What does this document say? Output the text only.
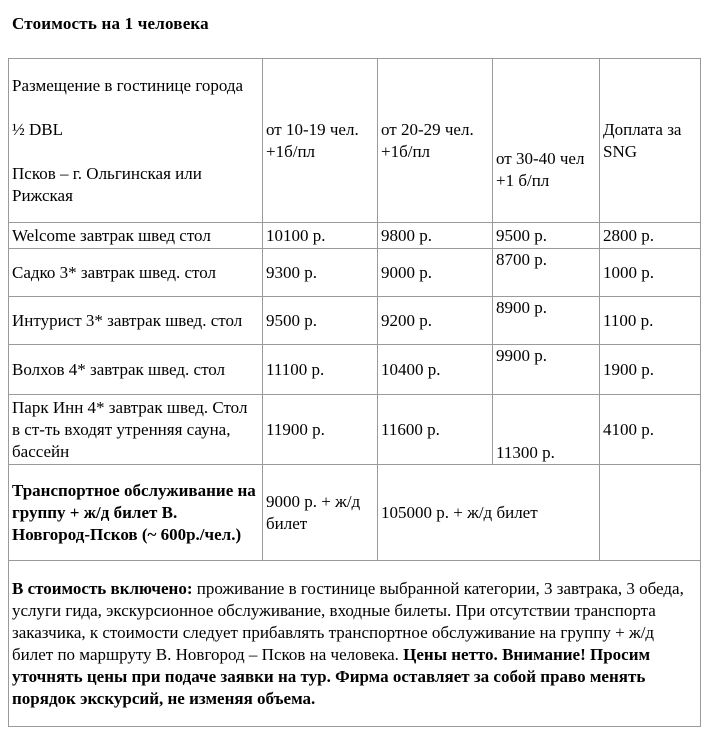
Стоимость на 1 человека
Размещение в гостинице города
½ DBL
Псков – г. Ольгинская или Рижская	от 10-19 чел. +1б/пл	от 20-29 чел. +1б/пл	от 30-40 чел +1 б/пл	Доплата за SNG
Welcome завтрак швед стол	10100 р.	9800 р.	9500 р.	2800 р.
Садко 3* завтрак швед. стол	9300 р.	9000 р.	8700 р.	1000 р.
Интурист 3* завтрак швед. стол	9500 р.	9200 р.	8900 р.	1100 р.
Волхов 4* завтрак швед. стол	11100 р.	10400 р.	9900 р.	1900 р.
Парк Инн 4* завтрак швед. Стол в ст-ть входят утренняя сауна, бассейн	11900 р.	11600 р.	11300 р.	4100 р.
Транспортное обслуживание на группу + ж/д билет В. Новгород-Псков (~ 600р./чел.)	9000 р. + ж/д билет	105000 р. + ж/д билет		
В стоимость включено: проживание в гостинице выбранной категории, 3 завтрака, 3 обеда, услуги гида, экскурсионное обслуживание, входные билеты. При отсутствии транспорта заказчика, к стоимости следует прибавлять транспортное обслуживание на группу + ж/д билет по маршруту В. Новгород – Псков на человека. Цены нетто. Внимание! Просим уточнять цены при подаче заявки на тур. Фирма оставляет за собой право менять порядок экскурсий, не изменяя объема.				
